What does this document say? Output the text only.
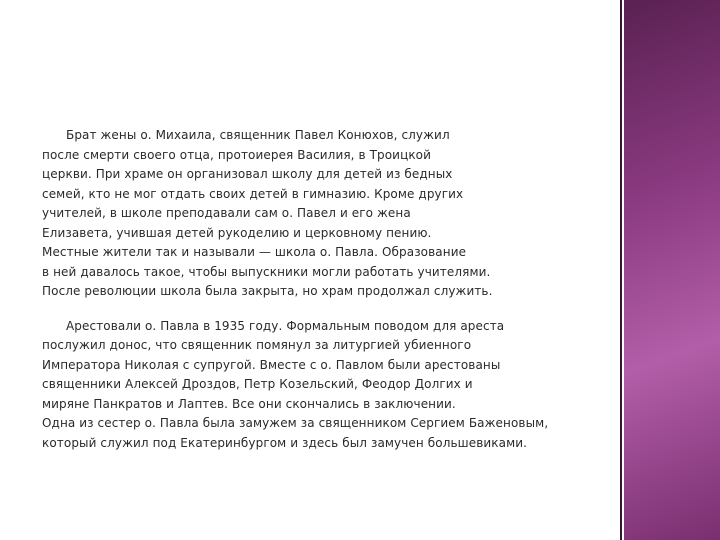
Брат жены о. Михаила, священник Павел Конюхов, служил
после смерти своего отца, протоиерея Василия, в Троицкой
церкви. При храме он организовал школу для детей из бедных
семей, кто не мог отдать своих детей в гимназию. Кроме других
учителей, в школе преподавали сам о. Павел и его жена
Елизавета, учившая детей рукоделию и церковному пению.
Местные жители так и называли — школа о. Павла. Образование
в ней давалось такое, чтобы выпускники могли работать учителями.
После революции школа была закрыта, но храм продолжал служить.

Арестовали о. Павла в 1935 году. Формальным поводом для ареста
послужил донос, что священник помянул за литургией убиенного
Императора Николая с супругой. Вместе с о. Павлом были арестованы
священники Алексей Дроздов, Петр Козельский, Феодор Долгих и
миряне Панкратов и Лаптев. Все они скончались в заключении.
Одна из сестер о. Павла была замужем за священником Сергием Баженовым,
который служил под Екатеринбургом и здесь был замучен большевиками.
